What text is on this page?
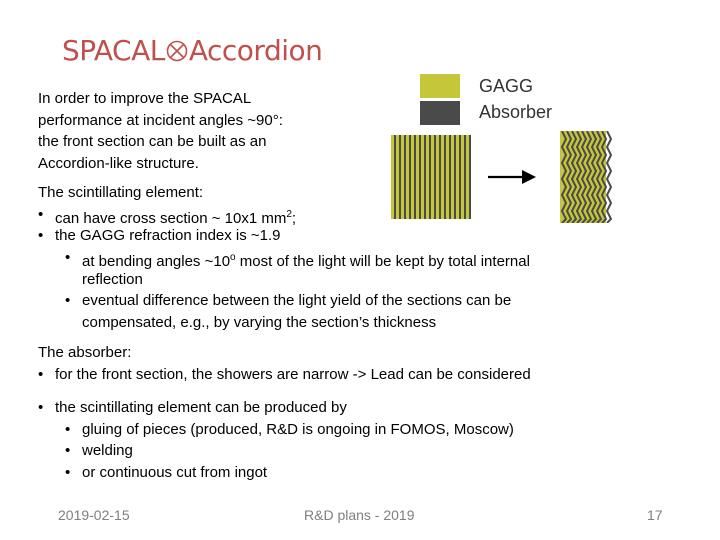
SPACAL Accordion
In order to improve the SPACAL
performance at incident angles ~90°:
the front section can be built as an
Accordion-like structure.
GAGG
Absorber
The scintillating element:
• can have cross section ~ 10x1 $mm^2$;
• the GAGG refraction index is ~1.9
• at bending angles ~10$^o$ most of the light will be kept by total internal
reflection
• eventual difference between the light yield of the sections can be
compensated, e.g., by varying the section’s thickness
The absorber:
• for the front section, the showers are narrow -> Lead can be considered
• the scintillating element can be produced by
• gluing of pieces (produced, R&D is ongoing in FOMOS, Moscow)
• welding
• or continuous cut from ingot
2019-02-15	R&D plans - 2019	17
